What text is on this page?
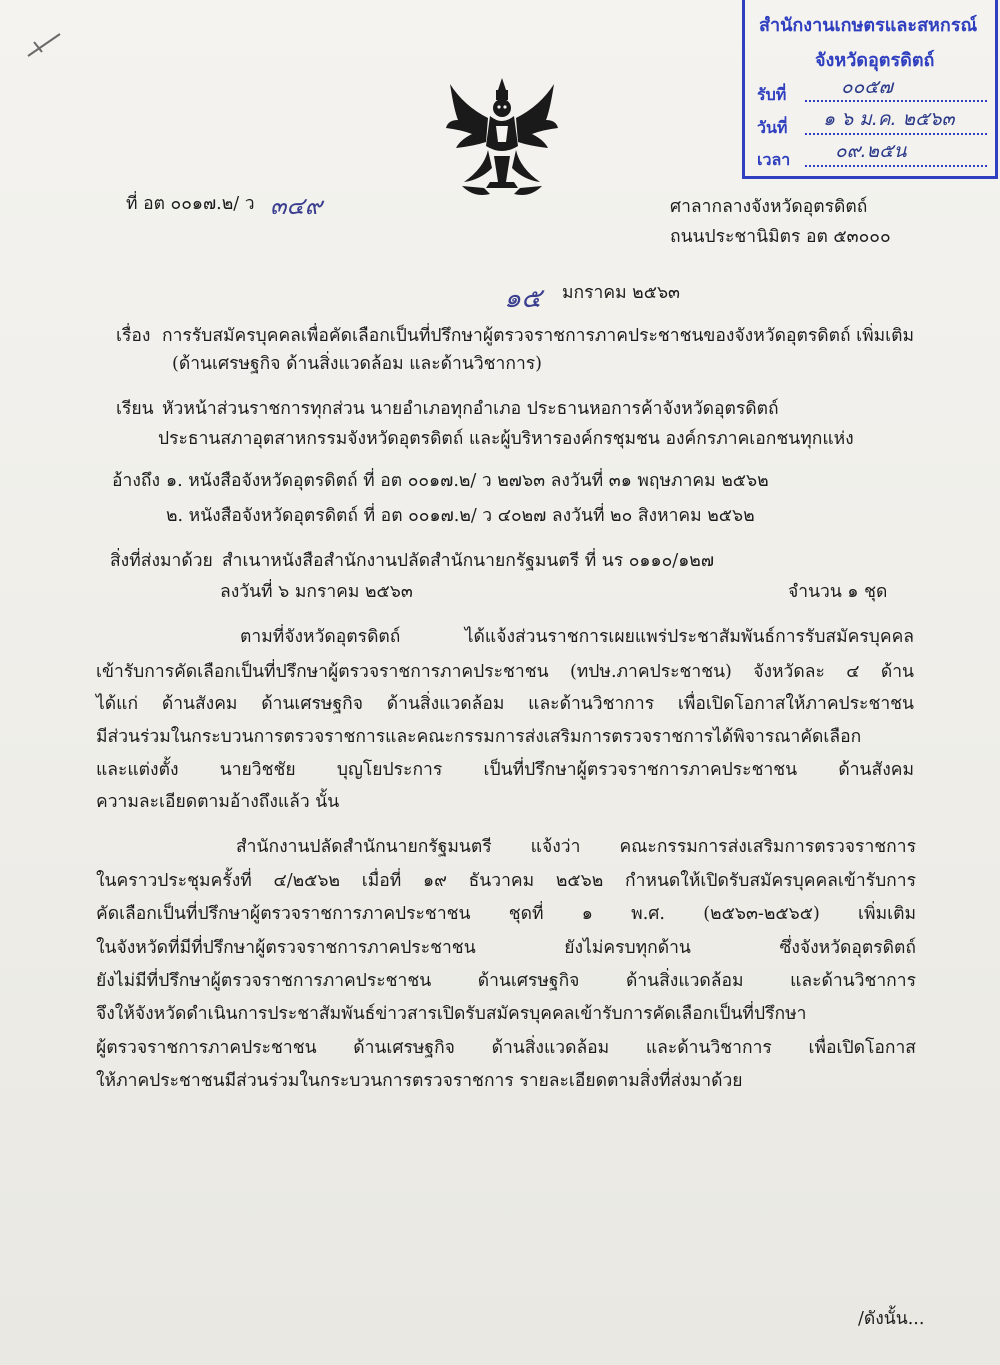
สำนักงานเกษตรและสหกรณ์
จังหวัดอุตรดิตถ์
รับที่	๐๐๕๗
วันที่ ๑ ๖ ม.ค. ๒๕๖๓
เวลา ๐๙.๒๕น
ที่ อต ๐๐๑๗.๒/ ว ๓๔๙	ศาลากลางจังหวัดอุตรดิตถ์
ถนนประชานิมิตร อต ๕๓๐๐๐
๑๕ มกราคม ๒๕๖๓
เรื่อง การรับสมัครบุคคลเพื่อคัดเลือกเป็นที่ปรึกษาผู้ตรวจราชการภาคประชาชนของจังหวัดอุตรดิตถ์ เพิ่มเติม
(ด้านเศรษฐกิจ ด้านสิ่งแวดล้อม และด้านวิชาการ)
เรียน หัวหน้าส่วนราชการทุกส่วน นายอำเภอทุกอำเภอ ประธานหอการค้าจังหวัดอุตรดิตถ์
ประธานสภาอุตสาหกรรมจังหวัดอุตรดิตถ์ และผู้บริหารองค์กรชุมชน องค์กรภาคเอกชนทุกแห่ง
อ้างถึง ๑. หนังสือจังหวัดอุตรดิตถ์ ที่ อต ๐๐๑๗.๒/ ว ๒๗๖๓ ลงวันที่ ๓๑ พฤษภาคม ๒๕๖๒
๒. หนังสือจังหวัดอุตรดิตถ์ ที่ อต ๐๐๑๗.๒/ ว ๔๐๒๗ ลงวันที่ ๒๐ สิงหาคม ๒๕๖๒
สิ่งที่ส่งมาด้วย สำเนาหนังสือสำนักงานปลัดสำนักนายกรัฐมนตรี ที่ นร ๐๑๑๐/๑๒๗
ลงวันที่ ๖ มกราคม ๒๕๖๓	จำนวน ๑ ชุด
ตามที่จังหวัดอุตรดิตถ์ ได้แจ้งส่วนราชการเผยแพร่ประชาสัมพันธ์การรับสมัครบุคคล
เข้ารับการคัดเลือกเป็นที่ปรึกษาผู้ตรวจราชการภาคประชาชน (ทปษ.ภาคประชาชน) จังหวัดละ ๔ ด้าน
ได้แก่ ด้านสังคม ด้านเศรษฐกิจ ด้านสิ่งแวดล้อม และด้านวิชาการ เพื่อเปิดโอกาสให้ภาคประชาชน
มีส่วนร่วมในกระบวนการตรวจราชการและคณะกรรมการส่งเสริมการตรวจราชการได้พิจารณาคัดเลือก
และแต่งตั้ง นายวิชชัย บุญโยประการ เป็นที่ปรึกษาผู้ตรวจราชการภาคประชาชน ด้านสังคม
ความละเอียดตามอ้างถึงแล้ว นั้น
สำนักงานปลัดสำนักนายกรัฐมนตรี แจ้งว่า คณะกรรมการส่งเสริมการตรวจราชการ
ในคราวประชุมครั้งที่ ๔/๒๕๖๒ เมื่อที่ ๑๙ ธันวาคม ๒๕๖๒ กำหนดให้เปิดรับสมัครบุคคลเข้ารับการ
คัดเลือกเป็นที่ปรึกษาผู้ตรวจราชการภาคประชาชน ชุดที่ ๑ พ.ศ. (๒๕๖๓-๒๕๖๕) เพิ่มเติม
ในจังหวัดที่มีที่ปรึกษาผู้ตรวจราชการภาคประชาชน ยังไม่ครบทุกด้าน ซึ่งจังหวัดอุตรดิตถ์
ยังไม่มีที่ปรึกษาผู้ตรวจราชการภาคประชาชน ด้านเศรษฐกิจ ด้านสิ่งแวดล้อม และด้านวิชาการ
จึงให้จังหวัดดำเนินการประชาสัมพันธ์ข่าวสารเปิดรับสมัครบุคคลเข้ารับการคัดเลือกเป็นที่ปรึกษา
ผู้ตรวจราชการภาคประชาชน ด้านเศรษฐกิจ ด้านสิ่งแวดล้อม และด้านวิชาการ เพื่อเปิดโอกาส
ให้ภาคประชาชนมีส่วนร่วมในกระบวนการตรวจราชการ รายละเอียดตามสิ่งที่ส่งมาด้วย
/ดังนั้น...
